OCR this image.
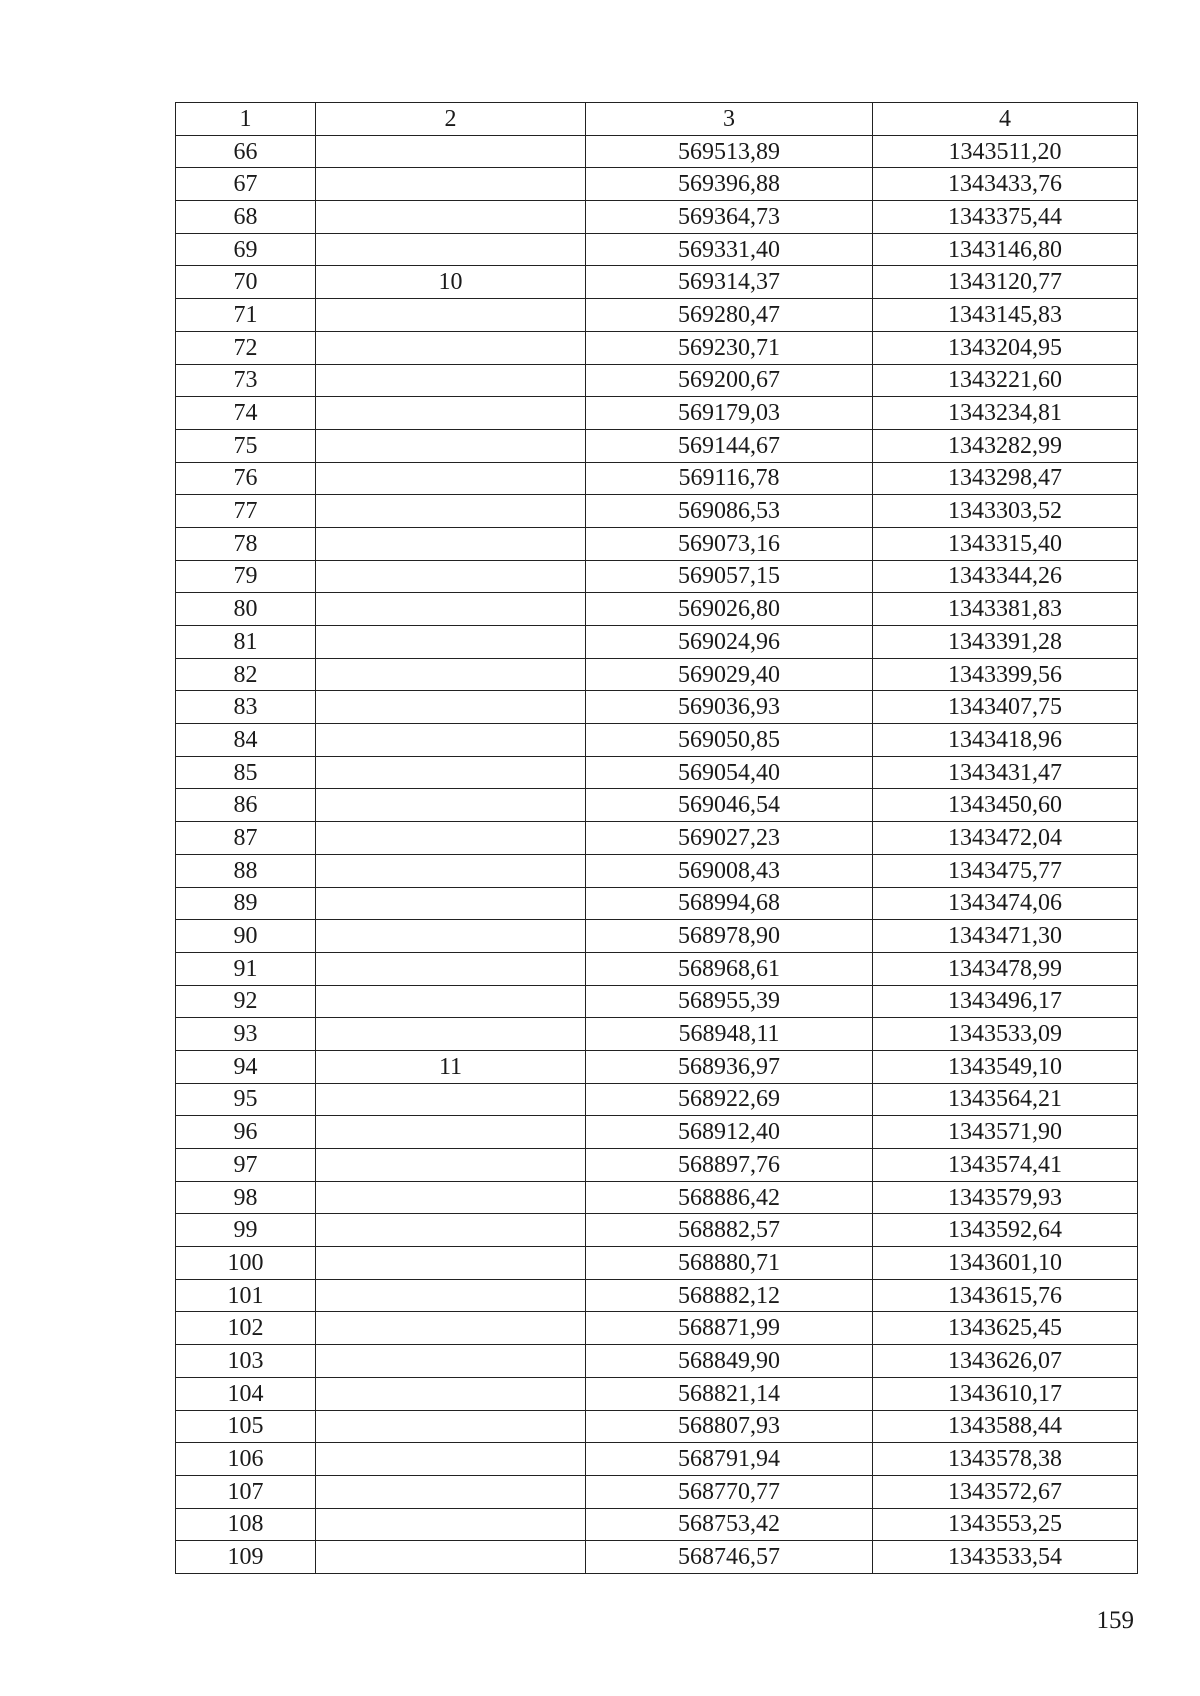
1	2	3	4
66		569513,89	1343511,20
67		569396,88	1343433,76
68		569364,73	1343375,44
69		569331,40	1343146,80
70	10	569314,37	1343120,77
71		569280,47	1343145,83
72		569230,71	1343204,95
73		569200,67	1343221,60
74		569179,03	1343234,81
75		569144,67	1343282,99
76		569116,78	1343298,47
77		569086,53	1343303,52
78		569073,16	1343315,40
79		569057,15	1343344,26
80		569026,80	1343381,83
81		569024,96	1343391,28
82		569029,40	1343399,56
83		569036,93	1343407,75
84		569050,85	1343418,96
85		569054,40	1343431,47
86		569046,54	1343450,60
87		569027,23	1343472,04
88		569008,43	1343475,77
89		568994,68	1343474,06
90		568978,90	1343471,30
91		568968,61	1343478,99
92		568955,39	1343496,17
93		568948,11	1343533,09
94	11	568936,97	1343549,10
95		568922,69	1343564,21
96		568912,40	1343571,90
97		568897,76	1343574,41
98		568886,42	1343579,93
99		568882,57	1343592,64
100		568880,71	1343601,10
101		568882,12	1343615,76
102		568871,99	1343625,45
103		568849,90	1343626,07
104		568821,14	1343610,17
105		568807,93	1343588,44
106		568791,94	1343578,38
107		568770,77	1343572,67
108		568753,42	1343553,25
109		568746,57	1343533,54
159
